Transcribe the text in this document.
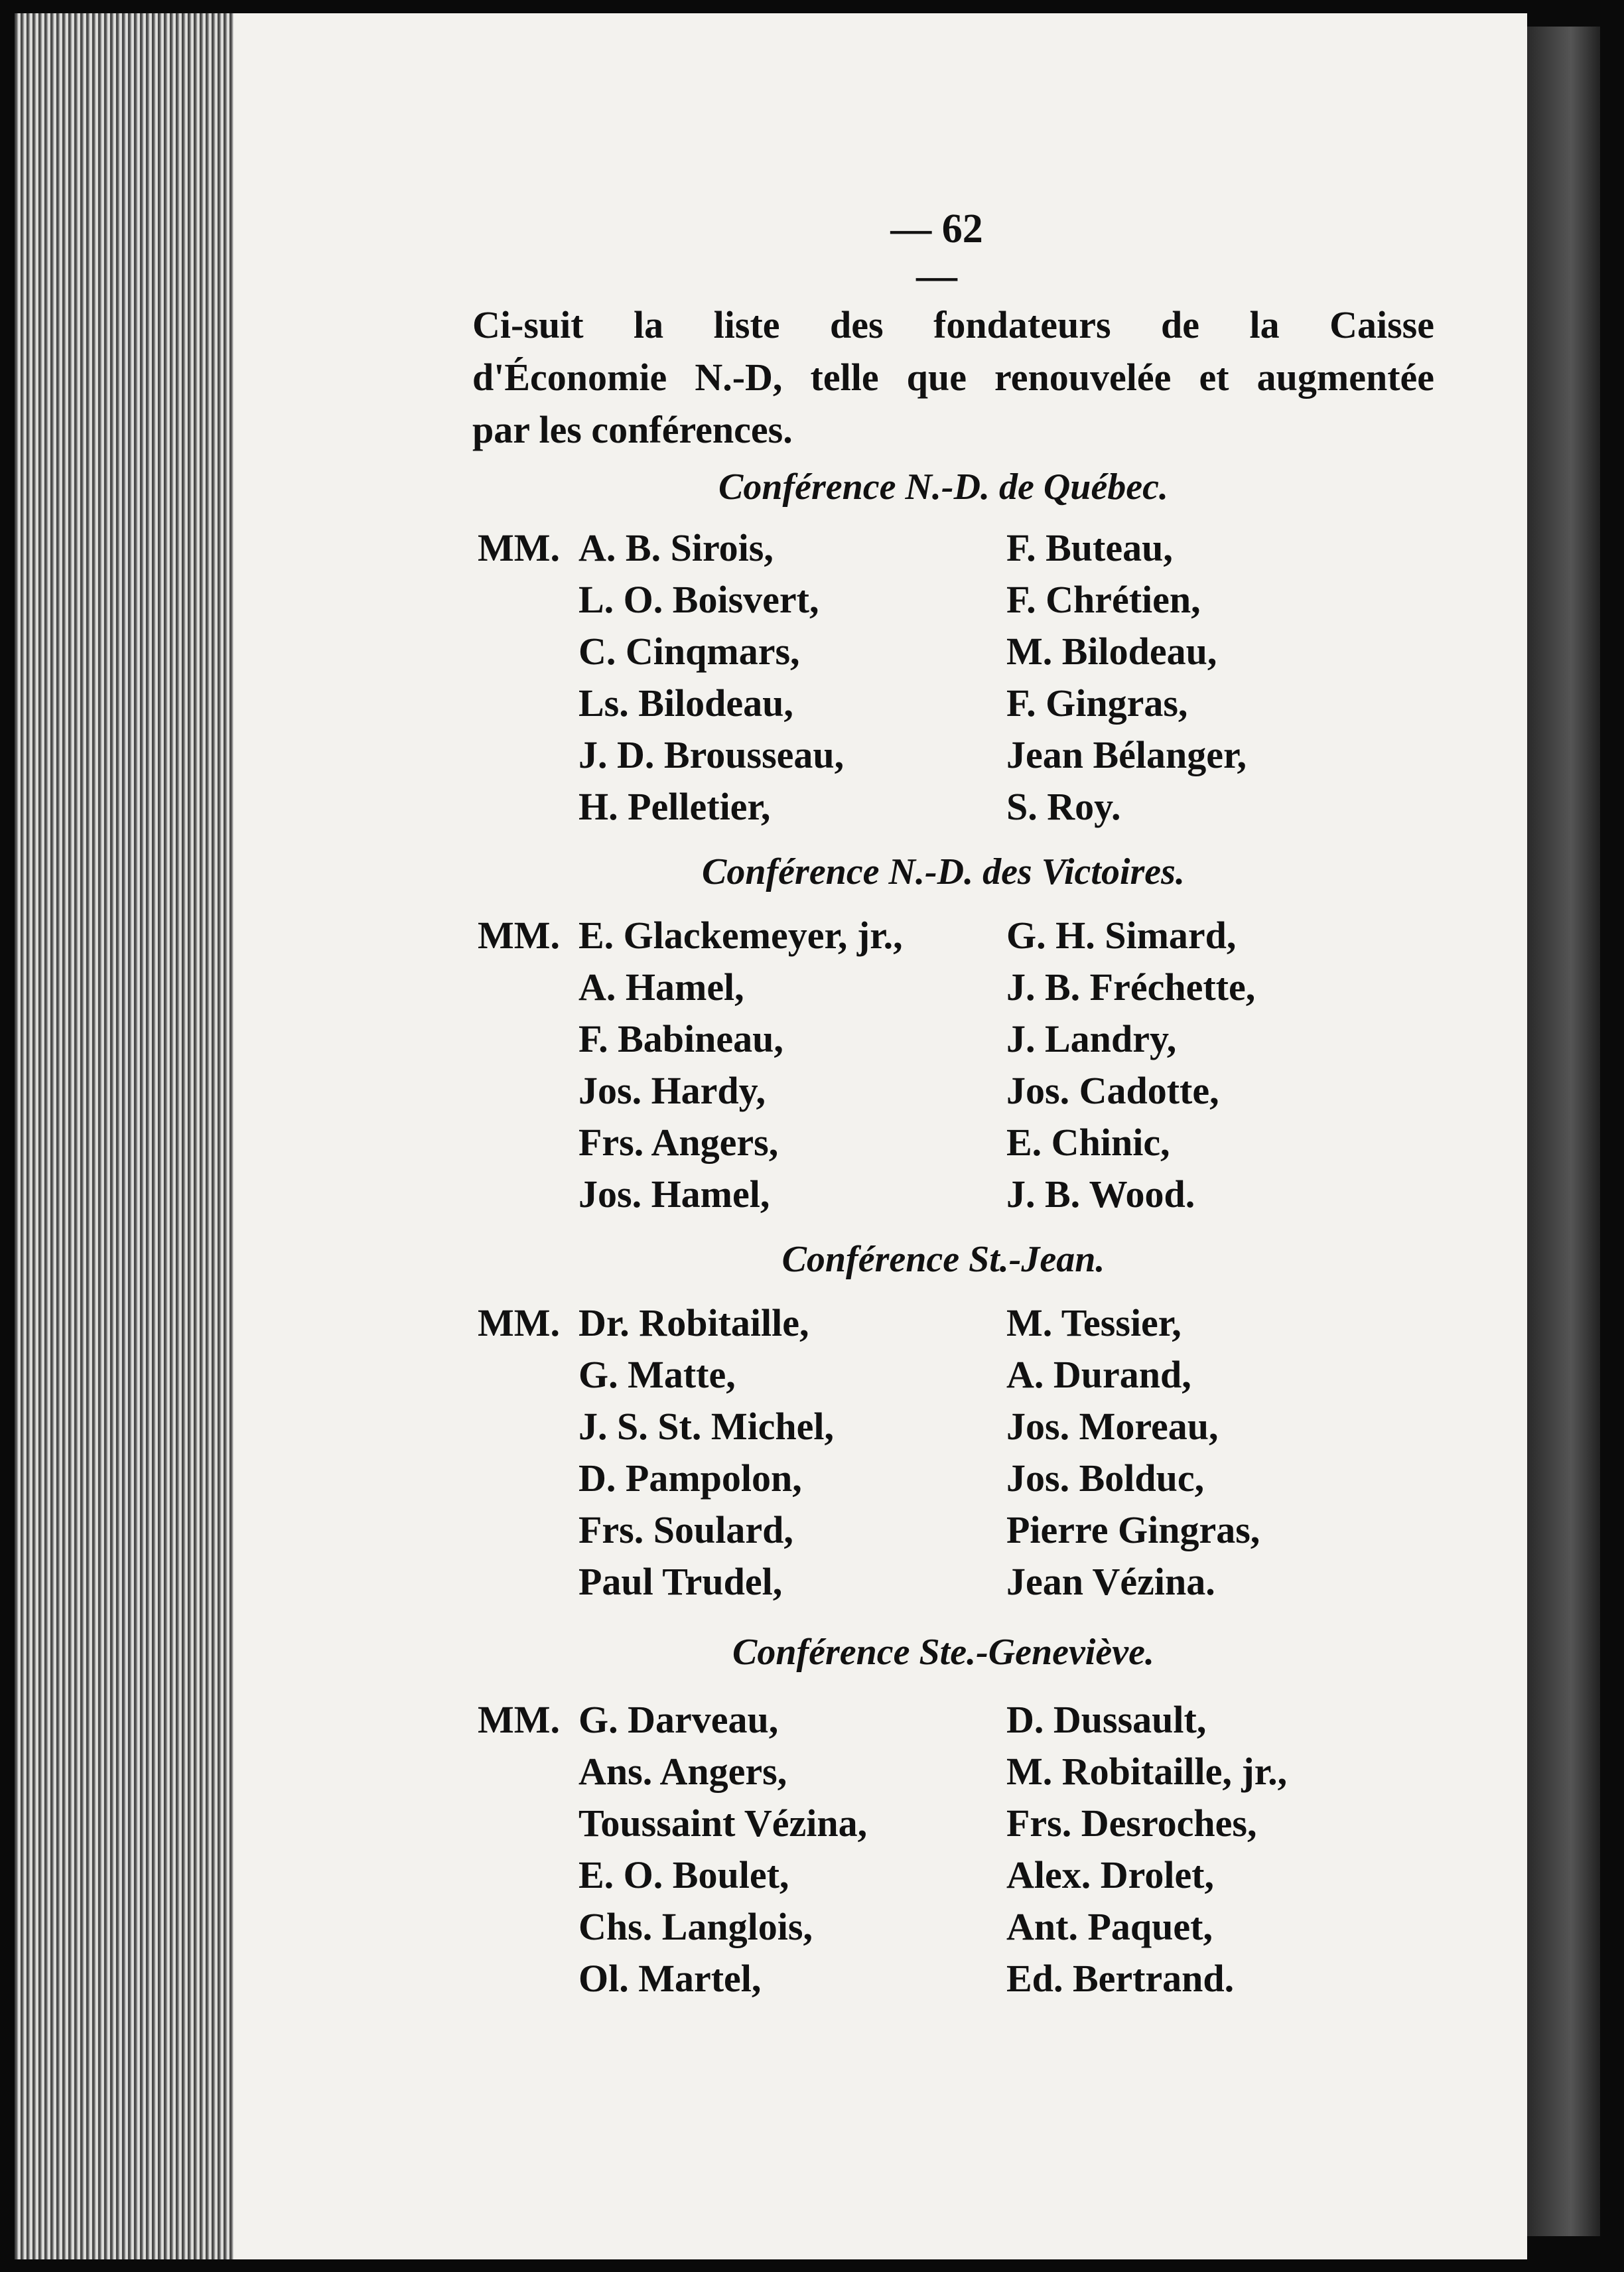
— 62 —
Ci-suit la liste des fondateurs de la Caisse
d'Économie N.-D, telle que renouvelée et augmentée
par les conférences.
Conférence N.-D. de Québec.
MM. A. B. Sirois,	F. Buteau,
L. O. Boisvert,	F. Chrétien,
C. Cinqmars,	M. Bilodeau,
Ls. Bilodeau,	F. Gingras,
J. D. Brousseau,	Jean Bélanger,
H. Pelletier,	S. Roy.
Conférence N.-D. des Victoires.
MM. E. Glackemeyer, jr.,	G. H. Simard,
A. Hamel,	J. B. Fréchette,
F. Babineau,	J. Landry,
Jos. Hardy,	Jos. Cadotte,
Frs. Angers,	E. Chinic,
Jos. Hamel,	J. B. Wood.
Conférence St.-Jean.
MM. Dr. Robitaille,	M. Tessier,
G. Matte,	A. Durand,
J. S. St. Michel,	Jos. Moreau,
D. Pampolon,	Jos. Bolduc,
Frs. Soulard,	Pierre Gingras,
Paul Trudel,	Jean Vézina.
Conférence Ste.-Geneviève.
MM. G. Darveau,	D. Dussault,
Ans. Angers,	M. Robitaille, jr.,
Toussaint Vézina,	Frs. Desroches,
E. O. Boulet,	Alex. Drolet,
Chs. Langlois,	Ant. Paquet,
Ol. Martel,	Ed. Bertrand.
